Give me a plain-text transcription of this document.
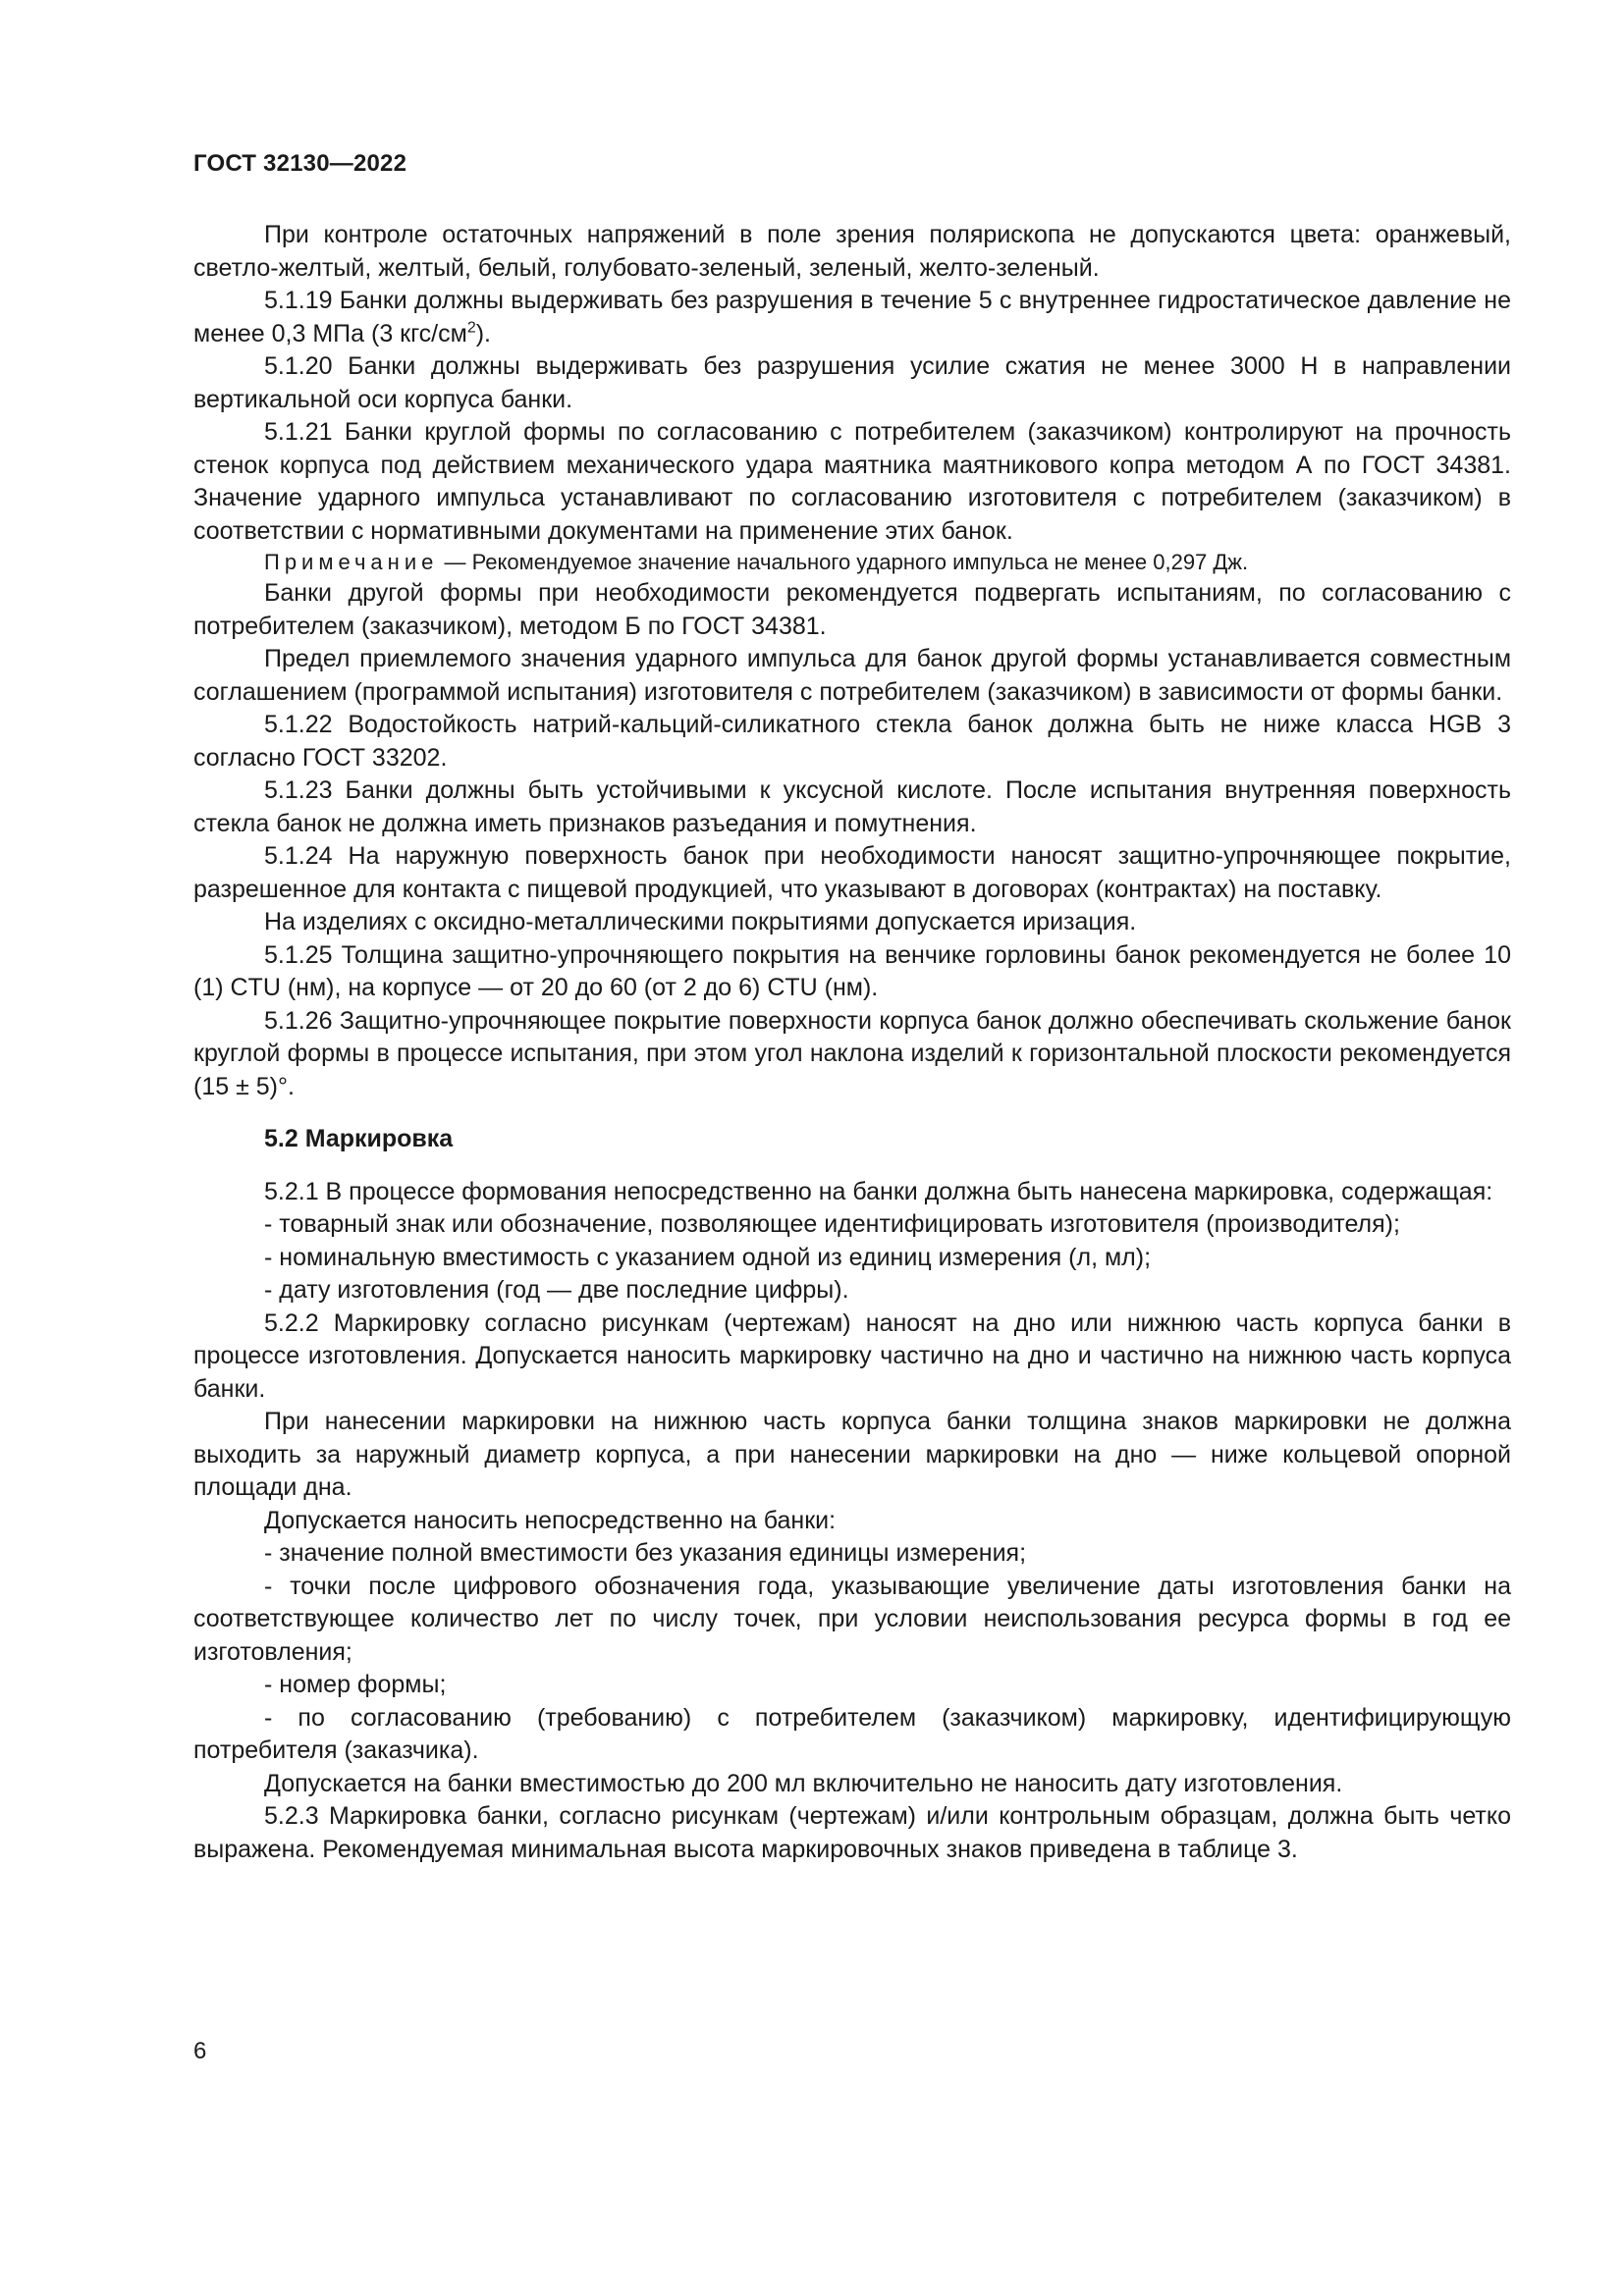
ГОСТ 32130—2022

При контроле остаточных напряжений в поле зрения полярископа не допускаются цвета: оранжевый, светло-желтый, желтый, белый, голубовато-зеленый, зеленый, желто-зеленый.

5.1.19 Банки должны выдерживать без разрушения в течение 5 с внутреннее гидростатическое давление не менее 0,3 МПа (3 кгс/$см^2$).

5.1.20 Банки должны выдерживать без разрушения усилие сжатия не менее 3000 Н в направлении вертикальной оси корпуса банки.

5.1.21 Банки круглой формы по согласованию с потребителем (заказчиком) контролируют на прочность стенок корпуса под действием механического удара маятника маятникового копра методом А по ГОСТ 34381. Значение ударного импульса устанавливают по согласованию изготовителя с потребителем (заказчиком) в соответствии с нормативными документами на применение этих банок.

Примечание — Рекомендуемое значение начального ударного импульса не менее 0,297 Дж.

Банки другой формы при необходимости рекомендуется подвергать испытаниям, по согласованию с потребителем (заказчиком), методом Б по ГОСТ 34381.

Предел приемлемого значения ударного импульса для банок другой формы устанавливается совместным соглашением (программой испытания) изготовителя с потребителем (заказчиком) в зависимости от формы банки.

5.1.22 Водостойкость натрий-кальций-силикатного стекла банок должна быть не ниже класса HGB 3 согласно ГОСТ 33202.

5.1.23 Банки должны быть устойчивыми к уксусной кислоте. После испытания внутренняя поверхность стекла банок не должна иметь признаков разъедания и помутнения.

5.1.24 На наружную поверхность банок при необходимости наносят защитно-упрочняющее покрытие, разрешенное для контакта с пищевой продукцией, что указывают в договорах (контрактах) на поставку.

На изделиях с оксидно-металлическими покрытиями допускается иризация.

5.1.25 Толщина защитно-упрочняющего покрытия на венчике горловины банок рекомендуется не более 10 (1) CTU (нм), на корпусе — от 20 до 60 (от 2 до 6) CTU (нм).

5.1.26 Защитно-упрочняющее покрытие поверхности корпуса банок должно обеспечивать скольжение банок круглой формы в процессе испытания, при этом угол наклона изделий к горизонтальной плоскости рекомендуется (15 ± 5)°.

5.2 Маркировка

5.2.1 В процессе формования непосредственно на банки должна быть нанесена маркировка, содержащая:

- товарный знак или обозначение, позволяющее идентифицировать изготовителя (производителя);

- номинальную вместимость с указанием одной из единиц измерения (л, мл);

- дату изготовления (год — две последние цифры).

5.2.2 Маркировку согласно рисункам (чертежам) наносят на дно или нижнюю часть корпуса банки в процессе изготовления. Допускается наносить маркировку частично на дно и частично на нижнюю часть корпуса банки.

При нанесении маркировки на нижнюю часть корпуса банки толщина знаков маркировки не должна выходить за наружный диаметр корпуса, а при нанесении маркировки на дно — ниже кольцевой опорной площади дна.

Допускается наносить непосредственно на банки:

- значение полной вместимости без указания единицы измерения;

- точки после цифрового обозначения года, указывающие увеличение даты изготовления банки на соответствующее количество лет по числу точек, при условии неиспользования ресурса формы в год ее изготовления;

- номер формы;

- по согласованию (требованию) с потребителем (заказчиком) маркировку, идентифицирующую потребителя (заказчика).

Допускается на банки вместимостью до 200 мл включительно не наносить дату изготовления.

5.2.3 Маркировка банки, согласно рисункам (чертежам) и/или контрольным образцам, должна быть четко выражена. Рекомендуемая минимальная высота маркировочных знаков приведена в таблице 3.

6
